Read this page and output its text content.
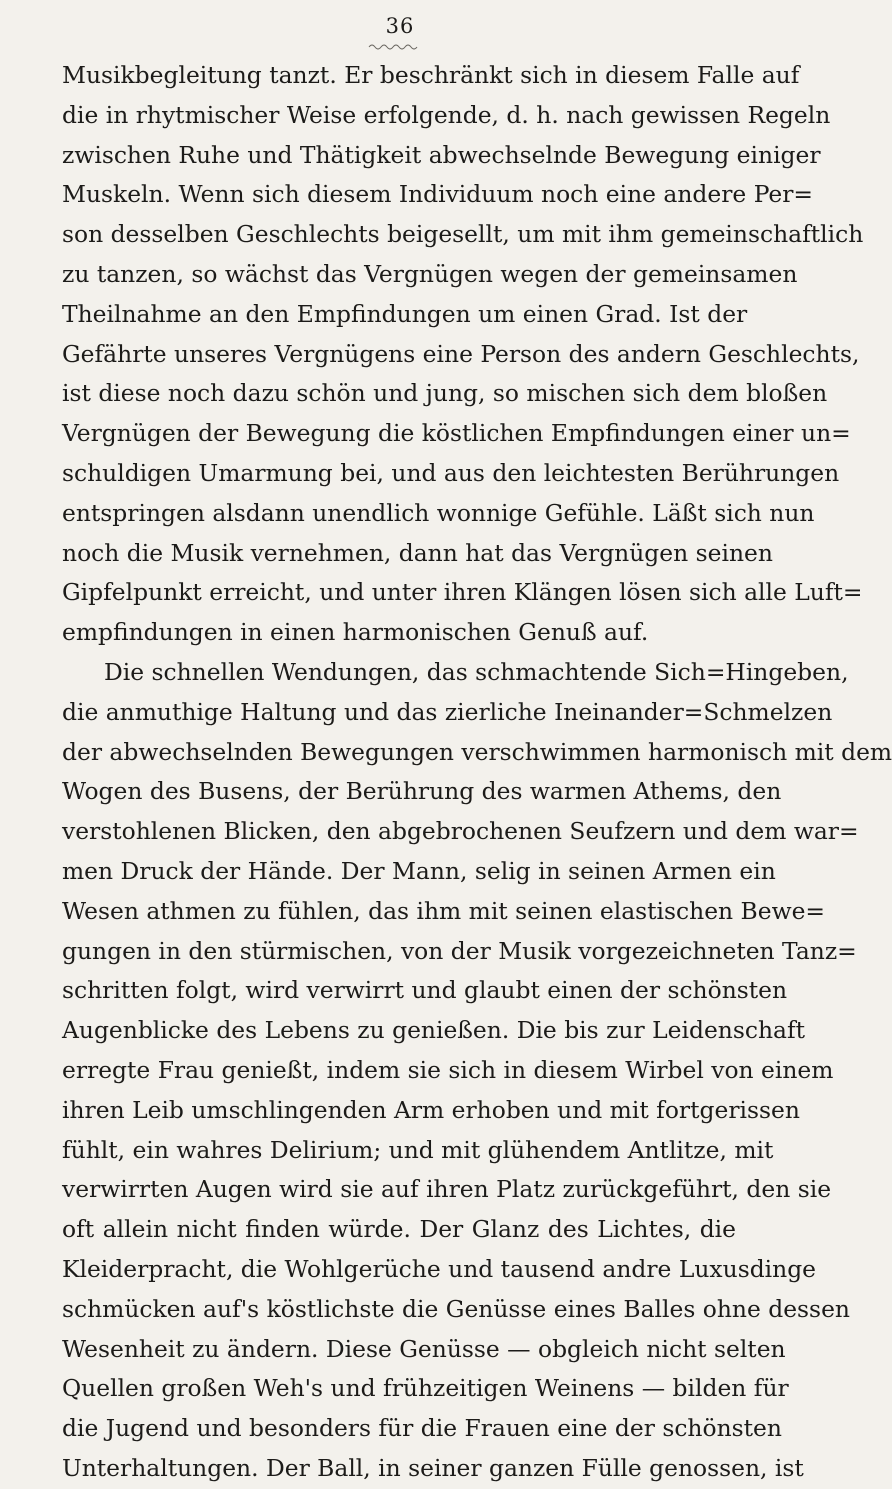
36
Musikbegleitung tanzt. Er beschränkt sich in diesem Falle auf
die in rhytmischer Weise erfolgende, d. h. nach gewissen Regeln
zwischen Ruhe und Thätigkeit abwechselnde Bewegung einiger
Muskeln. Wenn sich diesem Individuum noch eine andere Per=
son desselben Geschlechts beigesellt, um mit ihm gemeinschaftlich
zu tanzen, so wächst das Vergnügen wegen der gemeinsamen
Theilnahme an den Empfindungen um einen Grad. Ist der
Gefährte unseres Vergnügens eine Person des andern Geschlechts,
ist diese noch dazu schön und jung, so mischen sich dem bloßen
Vergnügen der Bewegung die köstlichen Empfindungen einer un=
schuldigen Umarmung bei, und aus den leichtesten Berührungen
entspringen alsdann unendlich wonnige Gefühle. Läßt sich nun
noch die Musik vernehmen, dann hat das Vergnügen seinen
Gipfelpunkt erreicht, und unter ihren Klängen lösen sich alle Luft=
empfindungen in einen harmonischen Genuß auf.
Die schnellen Wendungen, das schmachtende Sich=Hingeben,
die anmuthige Haltung und das zierliche Ineinander=Schmelzen
der abwechselnden Bewegungen verschwimmen harmonisch mit dem
Wogen des Busens, der Berührung des warmen Athems, den
verstohlenen Blicken, den abgebrochenen Seufzern und dem war=
men Druck der Hände. Der Mann, selig in seinen Armen ein
Wesen athmen zu fühlen, das ihm mit seinen elastischen Bewe=
gungen in den stürmischen, von der Musik vorgezeichneten Tanz=
schritten folgt, wird verwirrt und glaubt einen der schönsten
Augenblicke des Lebens zu genießen. Die bis zur Leidenschaft
erregte Frau genießt, indem sie sich in diesem Wirbel von einem
ihren Leib umschlingenden Arm erhoben und mit fortgerissen
fühlt, ein wahres Delirium; und mit glühendem Antlitze, mit
verwirrten Augen wird sie auf ihren Platz zurückgeführt, den sie
oft allein nicht finden würde. Der Glanz des Lichtes, die
Kleiderpracht, die Wohlgerüche und tausend andre Luxusdinge
schmücken auf's köstlichste die Genüsse eines Balles ohne dessen
Wesenheit zu ändern. Diese Genüsse — obgleich nicht selten
Quellen großen Weh's und frühzeitigen Weinens — bilden für
die Jugend und besonders für die Frauen eine der schönsten
Unterhaltungen. Der Ball, in seiner ganzen Fülle genossen, ist
